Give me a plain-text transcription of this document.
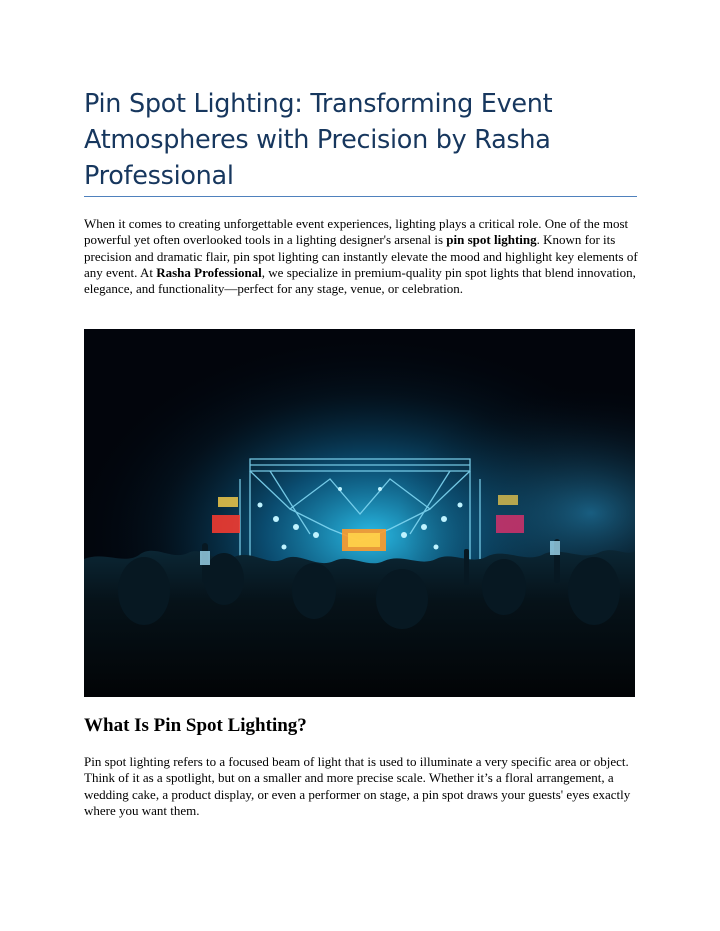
Pin Spot Lighting: Transforming Event Atmospheres with Precision by Rasha Professional

When it comes to creating unforgettable event experiences, lighting plays a critical role. One of the most powerful yet often overlooked tools in a lighting designer's arsenal is pin spot lighting. Known for its precision and dramatic flair, pin spot lighting can instantly elevate the mood and highlight key elements of any event. At Rasha Professional, we specialize in premium-quality pin spot lights that blend innovation, elegance, and functionality—perfect for any stage, venue, or celebration.

What Is Pin Spot Lighting?

Pin spot lighting refers to a focused beam of light that is used to illuminate a very specific area or object. Think of it as a spotlight, but on a smaller and more precise scale. Whether it’s a floral arrangement, a wedding cake, a product display, or even a performer on stage, a pin spot draws your guests' eyes exactly where you want them.
